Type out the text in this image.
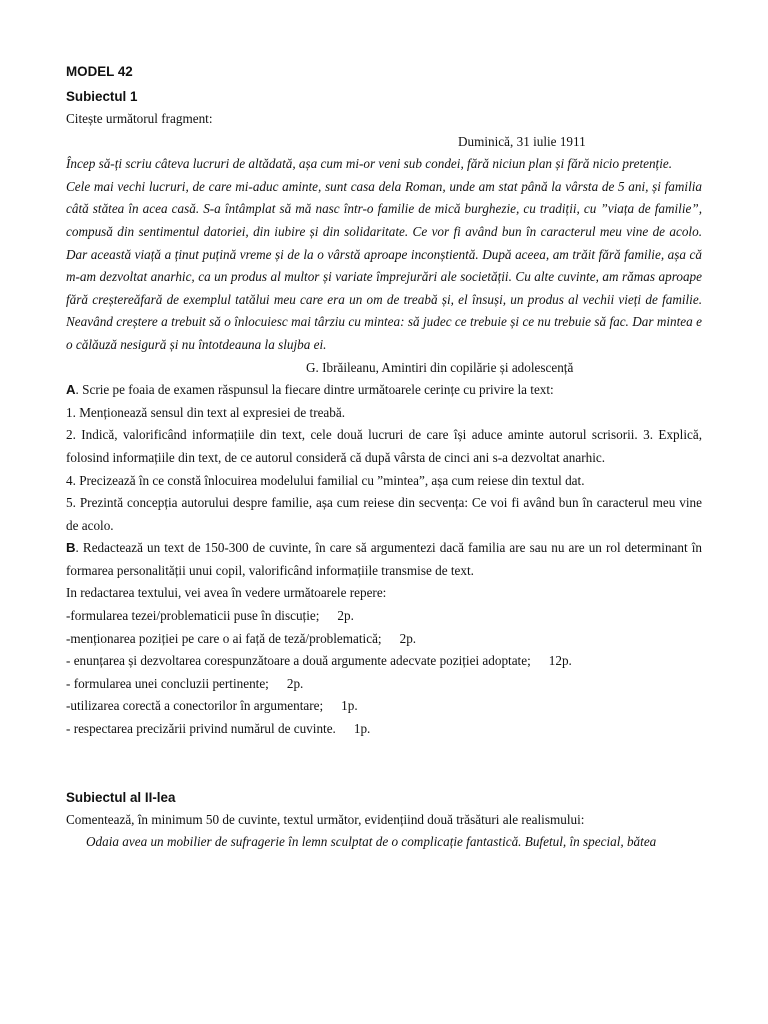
MODEL 42
Subiectul 1

Citește următorul fragment:

Duminică, 31 iulie 1911

Încep să-ți scriu câteva lucruri de altădată, așa cum mi-or veni sub condei, fără niciun plan și fără nicio pretenție.

Cele mai vechi lucruri, de care mi-aduc aminte, sunt casa dela Roman, unde am stat până la vârsta de 5 ani, și familia câtă stătea în acea casă. S-a întâmplat să mă nasc într-o familie de mică burghezie, cu tradiții, cu ”viața de familie”, compusă din sentimentul datoriei, din iubire și din solidaritate. Ce vor fi având bun în caracterul meu vine de acolo. Dar această viață a ținut puțină vreme și de la o vârstă aproape inconștientă. După aceea, am trăit fără familie, așa că m-am dezvoltat anarhic, ca un produs al multor și variate împrejurări ale societății. Cu alte cuvinte, am rămas aproape fără creștereăfară de exemplul tatălui meu care era un om de treabă și, el însuși, un produs al vechii vieți de familie. Neavând creștere a trebuit să o înlocuiesc mai târziu cu mintea: să judec ce trebuie și ce nu trebuie să fac. Dar mintea e o călăuză nesigură și nu întotdeauna la slujba ei.

G. Ibrăileanu, Amintiri din copilărie și adolescență

A. Scrie pe foaia de examen răspunsul la fiecare dintre următoarele cerințe cu privire la text:

1. Menționează sensul din text al expresiei de treabă.

2. Indică, valorificând informațiile din text, cele două lucruri de care își aduce aminte autorul scrisorii. 3. Explică, folosind informațiile din text, de ce autorul consideră că după vârsta de cinci ani s-a dezvoltat anarhic.

4. Precizează în ce constă înlocuirea modelului familial cu ”mintea”, așa cum reiese din textul dat.

5. Prezintă concepția autorului despre familie, așa cum reiese din secvența: Ce voi fi având bun în caracterul meu vine de acolo.

B. Redactează un text de 150-300 de cuvinte, în care să argumentezi dacă familia are sau nu are un rol determinant în formarea personalității unui copil, valorificând informațiile transmise de text.

In redactarea textului, vei avea în vedere următoarele repere:

-formularea tezei/problematicii puse în discuție; 2p.

-menționarea poziției pe care o ai față de teză/problematică; 2p.

- enunțarea și dezvoltarea corespunzătoare a două argumente adecvate poziției adoptate; 12p.

- formularea unei concluzii pertinente; 2p.

-utilizarea corectă a conectorilor în argumentare; 1p.

- respectarea precizării privind numărul de cuvinte. 1p.

Subiectul al II-lea

Comentează, în minimum 50 de cuvinte, textul următor, evidențiind două trăsături ale realismului:

Odaia avea un mobilier de sufragerie în lemn sculptat de o complicație fantastică. Bufetul, în special, bătea
